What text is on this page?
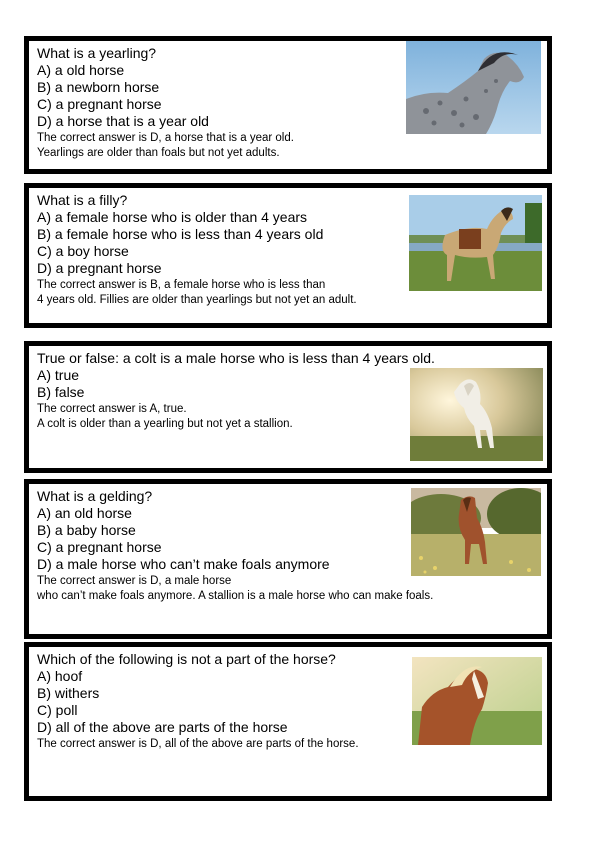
What is a yearling?
A) a old horse
B) a newborn horse
C) a pregnant horse
D) a horse that is a year old
The correct answer is D, a horse that is a year old.
Yearlings are older than foals but not yet adults.
What is a filly?
A) a female horse who is older than 4 years
B) a female horse who is less than 4 years old
C) a boy horse
D) a pregnant horse
The correct answer is B, a female horse who is less than
4 years old. Fillies are older than yearlings but not yet an adult.
True or false: a colt is a male horse who is less than 4 years old.
A) true
B) false
The correct answer is A, true.
A colt is older than a yearling but not yet a stallion.
What is a gelding?
A) an old horse
B) a baby horse
C) a pregnant horse
D) a male horse who can’t make foals anymore
The correct answer is D, a male horse
who can’t make foals anymore. A stallion is a male horse who can make foals.
Which of the following is not a part of the horse?
A) hoof
B) withers
C) poll
D) all of the above are parts of the horse
The correct answer is D, all of the above are parts of the horse.
